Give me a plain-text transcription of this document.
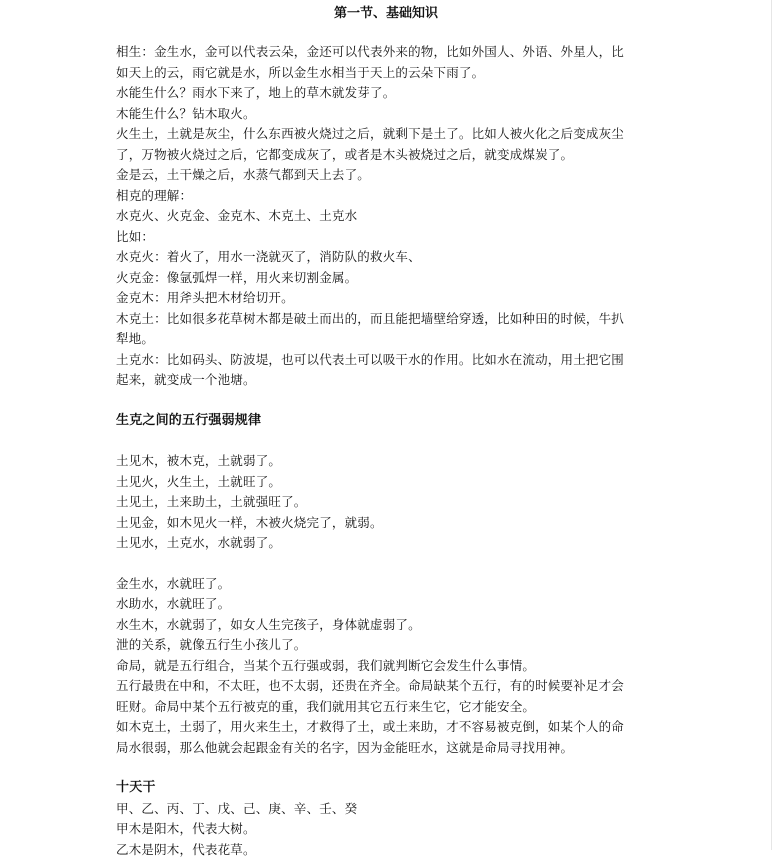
第一节、基础知识
相生：金生水，金可以代表云朵，金还可以代表外来的物，比如外国人、外语、外星人，比
如天上的云，雨它就是水，所以金生水相当于天上的云朵下雨了。
水能生什么？雨水下来了，地上的草木就发芽了。
木能生什么？钻木取火。
火生土，土就是灰尘，什么东西被火烧过之后，就剩下是土了。比如人被火化之后变成灰尘
了，万物被火烧过之后，它都变成灰了，或者是木头被烧过之后，就变成煤炭了。
金是云，土干燥之后，水蒸气都到天上去了。
相克的理解：
水克火、火克金、金克木、木克土、土克水
比如：
水克火：着火了，用水一浇就灭了，消防队的救火车、
火克金：像氩弧焊一样，用火来切割金属。
金克木：用斧头把木材给切开。
木克土：比如很多花草树木都是破土而出的，而且能把墙壁给穿透，比如种田的时候，牛扒
犁地。
土克水：比如码头、防波堤，也可以代表土可以吸干水的作用。比如水在流动，用土把它围
起来，就变成一个池塘。
生克之间的五行强弱规律
土见木，被木克，土就弱了。
土见火，火生土，土就旺了。
土见土，土来助土，土就强旺了。
土见金，如木见火一样，木被火烧完了，就弱。
土见水，土克水，水就弱了。
金生水，水就旺了。
水助水，水就旺了。
水生木，水就弱了，如女人生完孩子，身体就虚弱了。
泄的关系，就像五行生小孩儿了。
命局，就是五行组合，当某个五行强或弱，我们就判断它会发生什么事情。
五行最贵在中和，不太旺，也不太弱，还贵在齐全。命局缺某个五行，有的时候要补足才会
旺财。命局中某个五行被克的重，我们就用其它五行来生它，它才能安全。
如木克土，土弱了，用火来生土，才救得了土，或土来助，才不容易被克倒，如某个人的命
局水很弱，那么他就会起跟金有关的名字，因为金能旺水，这就是命局寻找用神。
十天干
甲、乙、丙、丁、戊、己、庚、辛、壬、癸
甲木是阳木，代表大树。
乙木是阴木，代表花草。
